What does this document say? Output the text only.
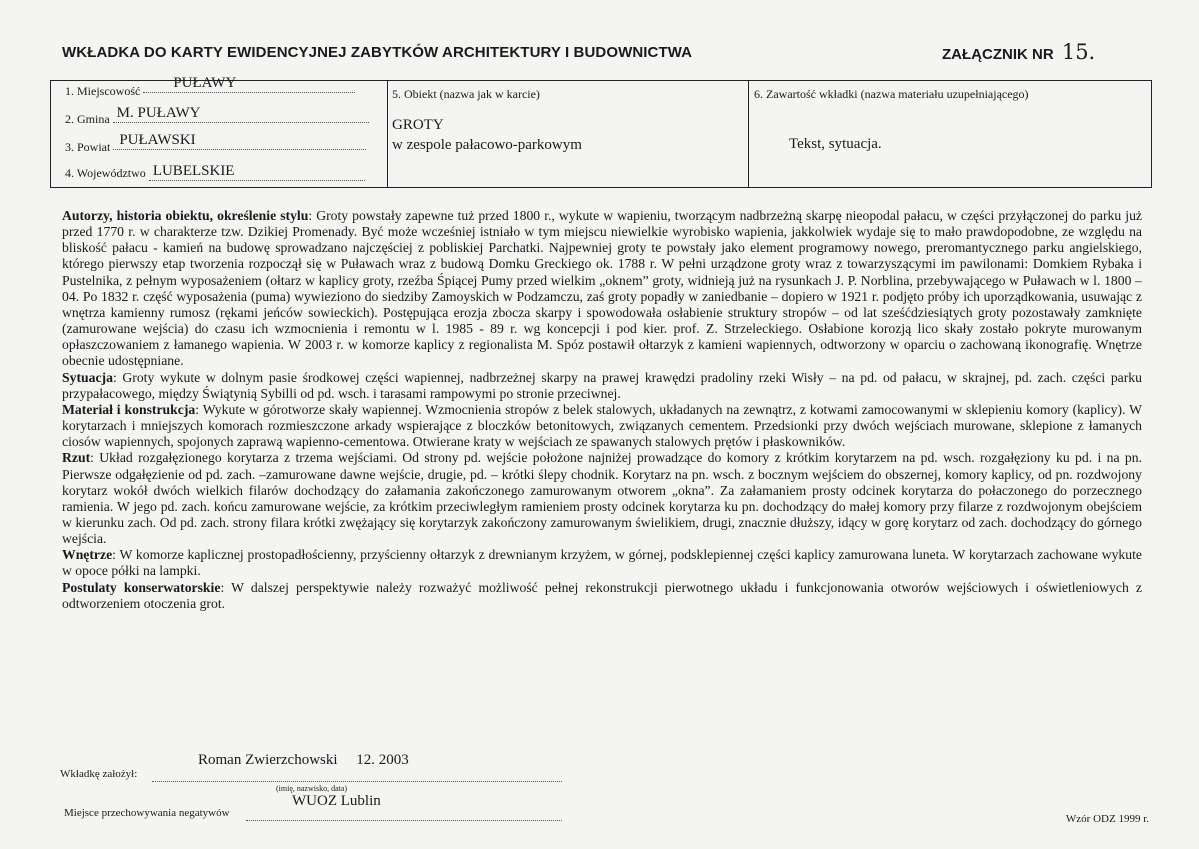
WKŁADKA DO KARTY EWIDENCYJNEJ ZABYTKÓW ARCHITEKTURY I BUDOWNICTWA	ZAŁĄCZNIK NR 15.
1. Miejscowość PUŁAWY
2. Gmina M. PUŁAWY
3. Powiat PUŁAWSKI
4. Województwo LUBELSKIE
5. Obiekt (nazwa jak w karcie)
GROTY
w zespole pałacowo-parkowym
6. Zawartość wkładki (nazwa materiału uzupełniającego)
Tekst, sytuacja.

Autorzy, historia obiektu, określenie stylu: Groty powstały zapewne tuż przed 1800 r., wykute w wapieniu, tworzącym nadbrzeżną skarpę nieopodal pałacu, w części przyłączonej do parku już przed 1770 r. w charakterze tzw. Dzikiej Promenady. Być może wcześniej istniało w tym miejscu niewielkie wyrobisko wapienia, jakkolwiek wydaje się to mało prawdopodobne, ze względu na bliskość pałacu - kamień na budowę sprowadzano najczęściej z pobliskiej Parchatki. Najpewniej groty te powstały jako element programowy nowego, preromantycznego parku angielskiego, którego pierwszy etap tworzenia rozpoczął się w Puławach wraz z budową Domku Greckiego ok. 1788 r. W pełni urządzone groty wraz z towarzyszącymi im pawilonami: Domkiem Rybaka i Pustelnika, z pełnym wyposażeniem (ołtarz w kaplicy groty, rzeźba Śpiącej Pumy przed wielkim „oknem” groty, widnieją już na rysunkach J. P. Norblina, przebywającego w Puławach w l. 1800 –04. Po 1832 r. część wyposażenia (puma) wywieziono do siedziby Zamoyskich w Podzamczu, zaś groty popadły w zaniedbanie – dopiero w 1921 r. podjęto próby ich uporządkowania, usuwając z wnętrza kamienny rumosz (rękami jeńców sowieckich). Postępująca erozja zbocza skarpy i spowodowała osłabienie struktury stropów – od lat sześćdziesiątych groty pozostawały zamknięte (zamurowane wejścia) do czasu ich wzmocnienia i remontu w l. 1985 - 89 r. wg koncepcji i pod kier. prof. Z. Strzeleckiego. Osłabione korozją lico skały zostało pokryte murowanym opłaszczowaniem z łamanego wapienia. W 2003 r. w komorze kaplicy z regionalista M. Spóz postawił ołtarzyk z kamieni wapiennych, odtworzony w oparciu o zachowaną ikonografię. Wnętrze obecnie udostępniane.

Sytuacja: Groty wykute w dolnym pasie środkowej części wapiennej, nadbrzeżnej skarpy na prawej krawędzi pradoliny rzeki Wisły – na pd. od pałacu, w skrajnej, pd. zach. części parku przypałacowego, między Świątynią Sybilli od pd. wsch. i tarasami rampowymi po stronie przeciwnej.

Materiał i konstrukcja: Wykute w górotworze skały wapiennej. Wzmocnienia stropów z belek stalowych, układanych na zewnątrz, z kotwami zamocowanymi w sklepieniu komory (kaplicy). W korytarzach i mniejszych komorach rozmieszczone arkady wspierające z bloczków betonitowych, związanych cementem. Przedsionki przy dwóch wejściach murowane, sklepione z łamanych ciosów wapiennych, spojonych zaprawą wapienno-cementowa. Otwierane kraty w wejściach ze spawanych stalowych prętów i płaskowników.

Rzut: Układ rozgałęzionego korytarza z trzema wejściami. Od strony pd. wejście położone najniżej prowadzące do komory z krótkim korytarzem na pd. wsch. rozgałęziony ku pd. i na pn. Pierwsze odgałęzienie od pd. zach. –zamurowane dawne wejście, drugie, pd. – krótki ślepy chodnik. Korytarz na pn. wsch. z bocznym wejściem do obszernej, komory kaplicy, od pn. rozdwojony korytarz wokół dwóch wielkich filarów dochodzący do załamania zakończonego zamurowanym otworem „okna”. Za załamaniem prosty odcinek korytarza do połaczonego do porzecznego ramienia. W jego pd. zach. końcu zamurowane wejście, za krótkim przeciwległym ramieniem prosty odcinek korytarza ku pn. dochodzący do małej komory przy filarze z rozdwojonym obejściem w kierunku zach. Od pd. zach. strony filara krótki zwężający się korytarzyk zakończony zamurowanym świelikiem, drugi, znacznie dłuższy, idący w gorę korytarz od zach. dochodzący do górnego wejścia.

Wnętrze: W komorze kaplicznej prostopadłościenny, przyścienny ołtarzyk z drewnianym krzyżem, w górnej, podsklepiennej części kaplicy zamurowana luneta. W korytarzach zachowane wykute w opoce półki na lampki.

Postulaty konserwatorskie: W dalszej perspektywie należy rozważyć możliwość pełnej rekonstrukcji pierwotnego układu i funkcjonowania otworów wejściowych i oświetleniowych z odtworzeniem otoczenia grot.

Wkładkę założył:
Roman Zwierzchowski     12. 2003
(imię, nazwisko, data)
Miejsce przechowywania negatywów
WUOZ Lublin
Wzór ODZ 1999 r.
